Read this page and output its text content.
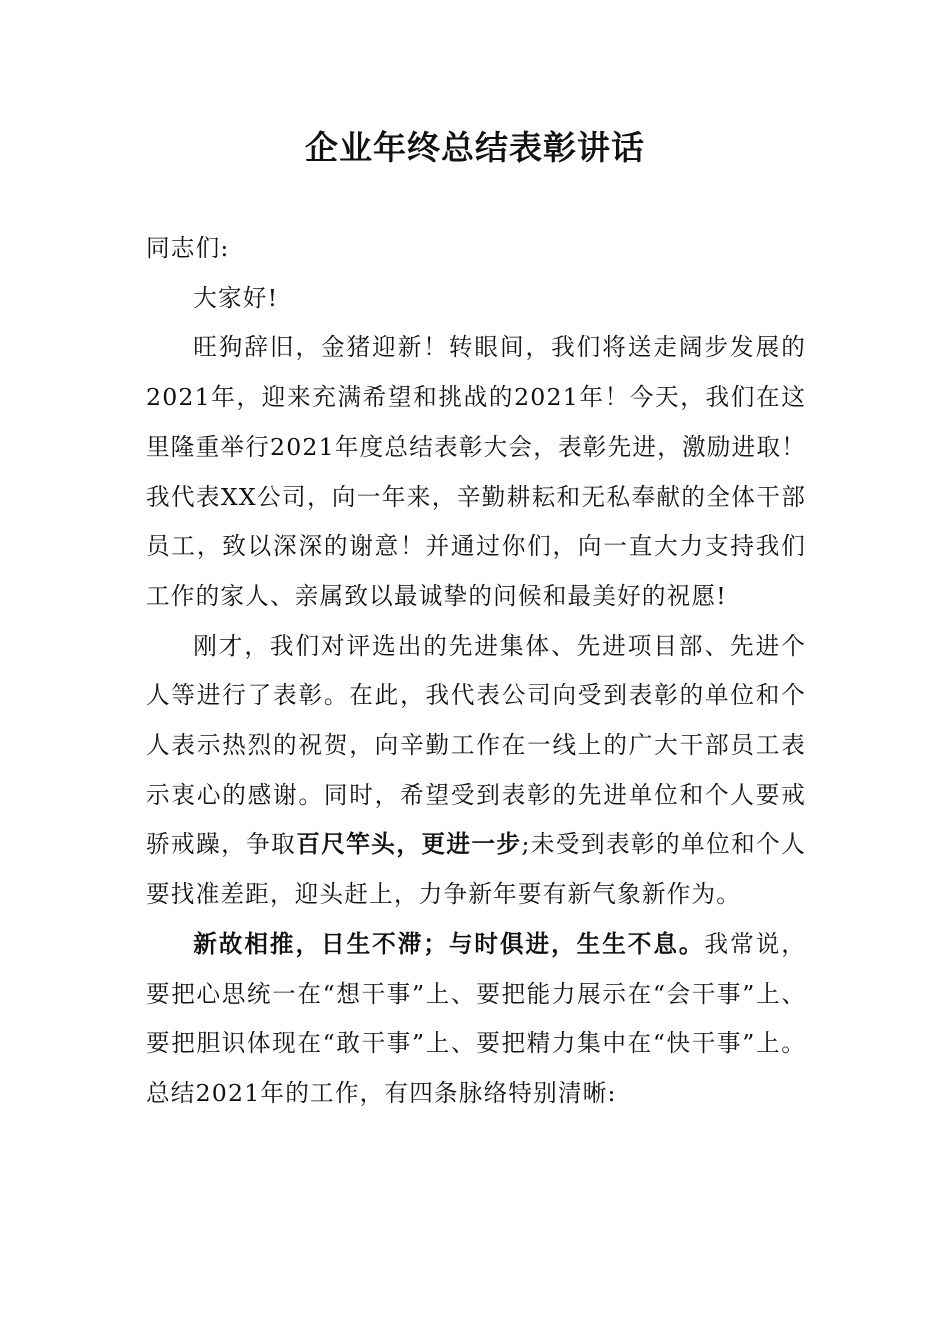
企业年终总结表彰讲话

同志们:

大家好!

旺狗辞旧，金猪迎新！转眼间，我们将送走阔步发展的2021年，迎来充满希望和挑战的2021年！今天，我们在这里隆重举行2021年度总结表彰大会，表彰先进，激励进取！我代表XX公司，向一年来，辛勤耕耘和无私奉献的全体干部员工，致以深深的谢意！并通过你们，向一直大力支持我们工作的家人、亲属致以最诚挚的问候和最美好的祝愿!

刚才，我们对评选出的先进集体、先进项目部、先进个人等进行了表彰。在此，我代表公司向受到表彰的单位和个人表示热烈的祝贺，向辛勤工作在一线上的广大干部员工表示衷心的感谢。同时，希望受到表彰的先进单位和个人要戒骄戒躁，争取百尺竿头，更进一步;未受到表彰的单位和个人要找准差距，迎头赶上，力争新年要有新气象新作为。

新故相推，日生不滞；与时俱进，生生不息。我常说，要把心思统一在“想干事”上、要把能力展示在“会干事”上、要把胆识体现在“敢干事”上、要把精力集中在“快干事”上。总结2021年的工作，有四条脉络特别清晰:
